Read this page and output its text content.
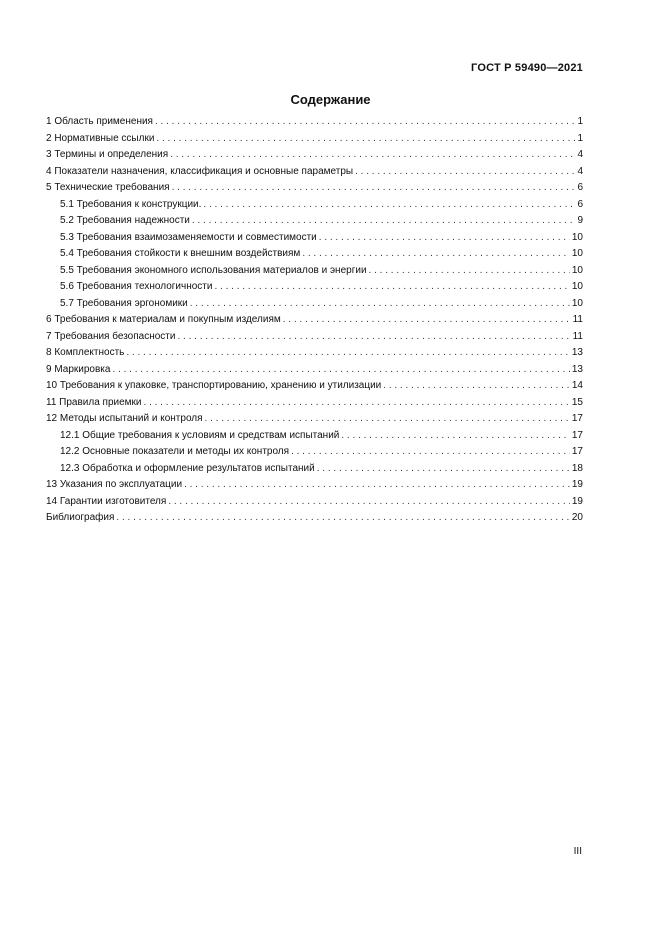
ГОСТ Р 59490—2021
Содержание
1 Область применения . . .	1
2 Нормативные ссылки . . .	1
3 Термины и определения . . .	4
4 Показатели назначения, классификация и основные параметры . . .	4
5 Технические требования . . .	6
5.1 Требования к конструкции. . . .	6
5.2 Требования надежности . . .	9
5.3 Требования взаимозаменяемости и совместимости . . .	10
5.4 Требования стойкости к внешним воздействиям . . .	10
5.5 Требования экономного использования материалов и энергии . . .	10
5.6 Требования технологичности . . .	10
5.7 Требования эргономики . . .	10
6 Требования к материалам и покупным изделиям . . .	11
7 Требования безопасности . . .	11
8 Комплектность . . .	13
9 Маркировка . . .	13
10 Требования к упаковке, транспортированию, хранению и утилизации . . .	14
11 Правила приемки . . .	15
12 Методы испытаний и контроля . . .	17
12.1 Общие требования к условиям и средствам испытаний . . .	17
12.2 Основные показатели и методы их контроля . . .	17
12.3 Обработка и оформление результатов испытаний . . .	18
13 Указания по эксплуатации . . .	19
14 Гарантии изготовителя . . .	19
Библиография . . .	20
III
